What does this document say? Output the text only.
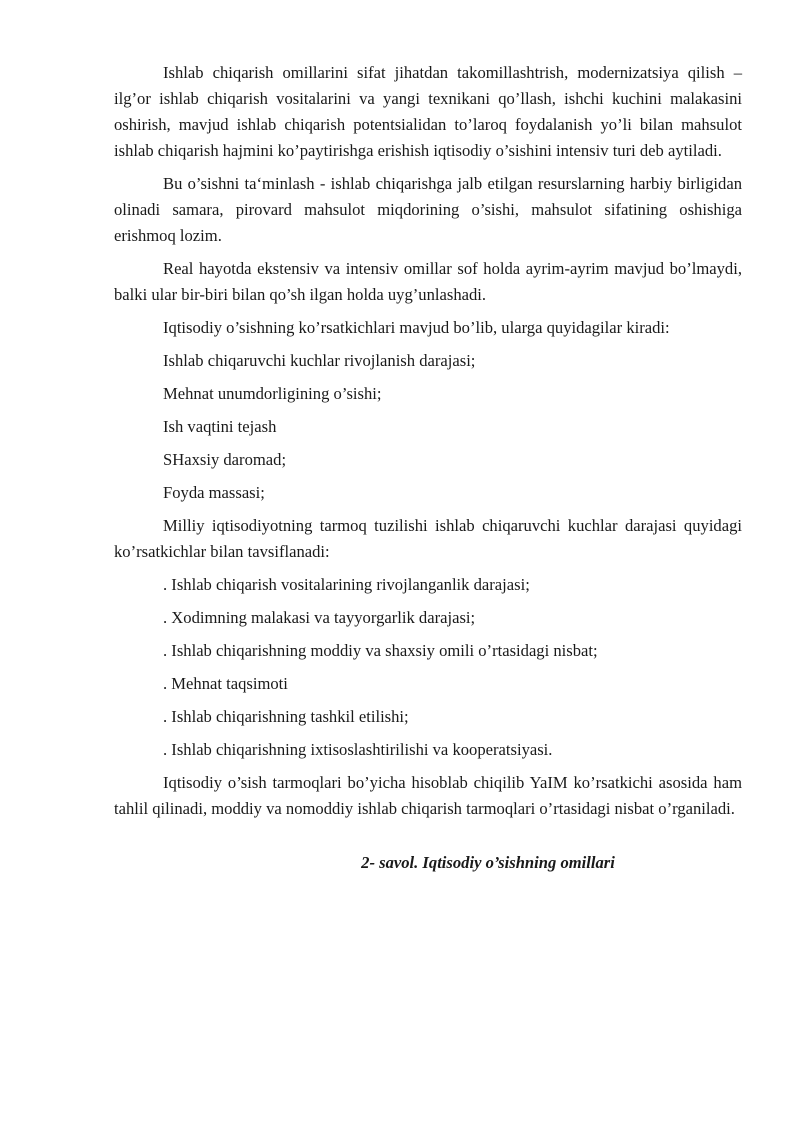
Ishlab chiqarish omillarini sifat jihatdan takomillashtrish, modernizatsiya qilish – ilg’or ishlab chiqarish vositalarini va yangi texnikani qo’llash, ishchi kuchini malakasini oshirish, mavjud ishlab chiqarish potentsialidan to’laroq foydalanish yo’li bilan mahsulot ishlab chiqarish hajmini ko’paytirishga erishish iqtisodiy o’sishini intensiv turi deb aytiladi.

Bu o’sishni ta‘minlash - ishlab chiqarishga jalb etilgan resurslarning harbiy birligidan olinadi samara, pirovard mahsulot miqdorining o’sishi, mahsulot sifatining oshishiga erishmoq lozim.

Real hayotda ekstensiv va intensiv omillar sof holda ayrim-ayrim mavjud bo’lmaydi, balki ular bir-biri bilan qo’sh ilgan holda uyg’unlashadi.

Iqtisodiy o’sishning ko’rsatkichlari mavjud bo’lib, ularga quyidagilar kiradi:

Ishlab chiqaruvchi kuchlar rivojlanish darajasi;
Mehnat unumdorligining o’sishi;
Ish vaqtini tejash
SHaxsiy daromad;
Foyda massasi;

Milliy iqtisodiyotning tarmoq tuzilishi ishlab chiqaruvchi kuchlar darajasi quyidagi ko’rsatkichlar bilan tavsiflanadi:

. Ishlab chiqarish vositalarining rivojlanganlik darajasi;
. Xodimning malakasi va tayyorgarlik darajasi;
. Ishlab chiqarishning moddiy va shaxsiy omili o’rtasidagi nisbat;
. Mehnat taqsimoti
. Ishlab chiqarishning tashkil etilishi;
. Ishlab chiqarishning ixtisoslashtirilishi va kooperatsiyasi.

Iqtisodiy o’sish tarmoqlari bo’yicha hisoblab chiqilib YaIM ko’rsatkichi asosida ham tahlil qilinadi, moddiy va nomoddiy ishlab chiqarish tarmoqlari o’rtasidagi nisbat o’rganiladi.

2- savol. Iqtisodiy o’sishning omillari
